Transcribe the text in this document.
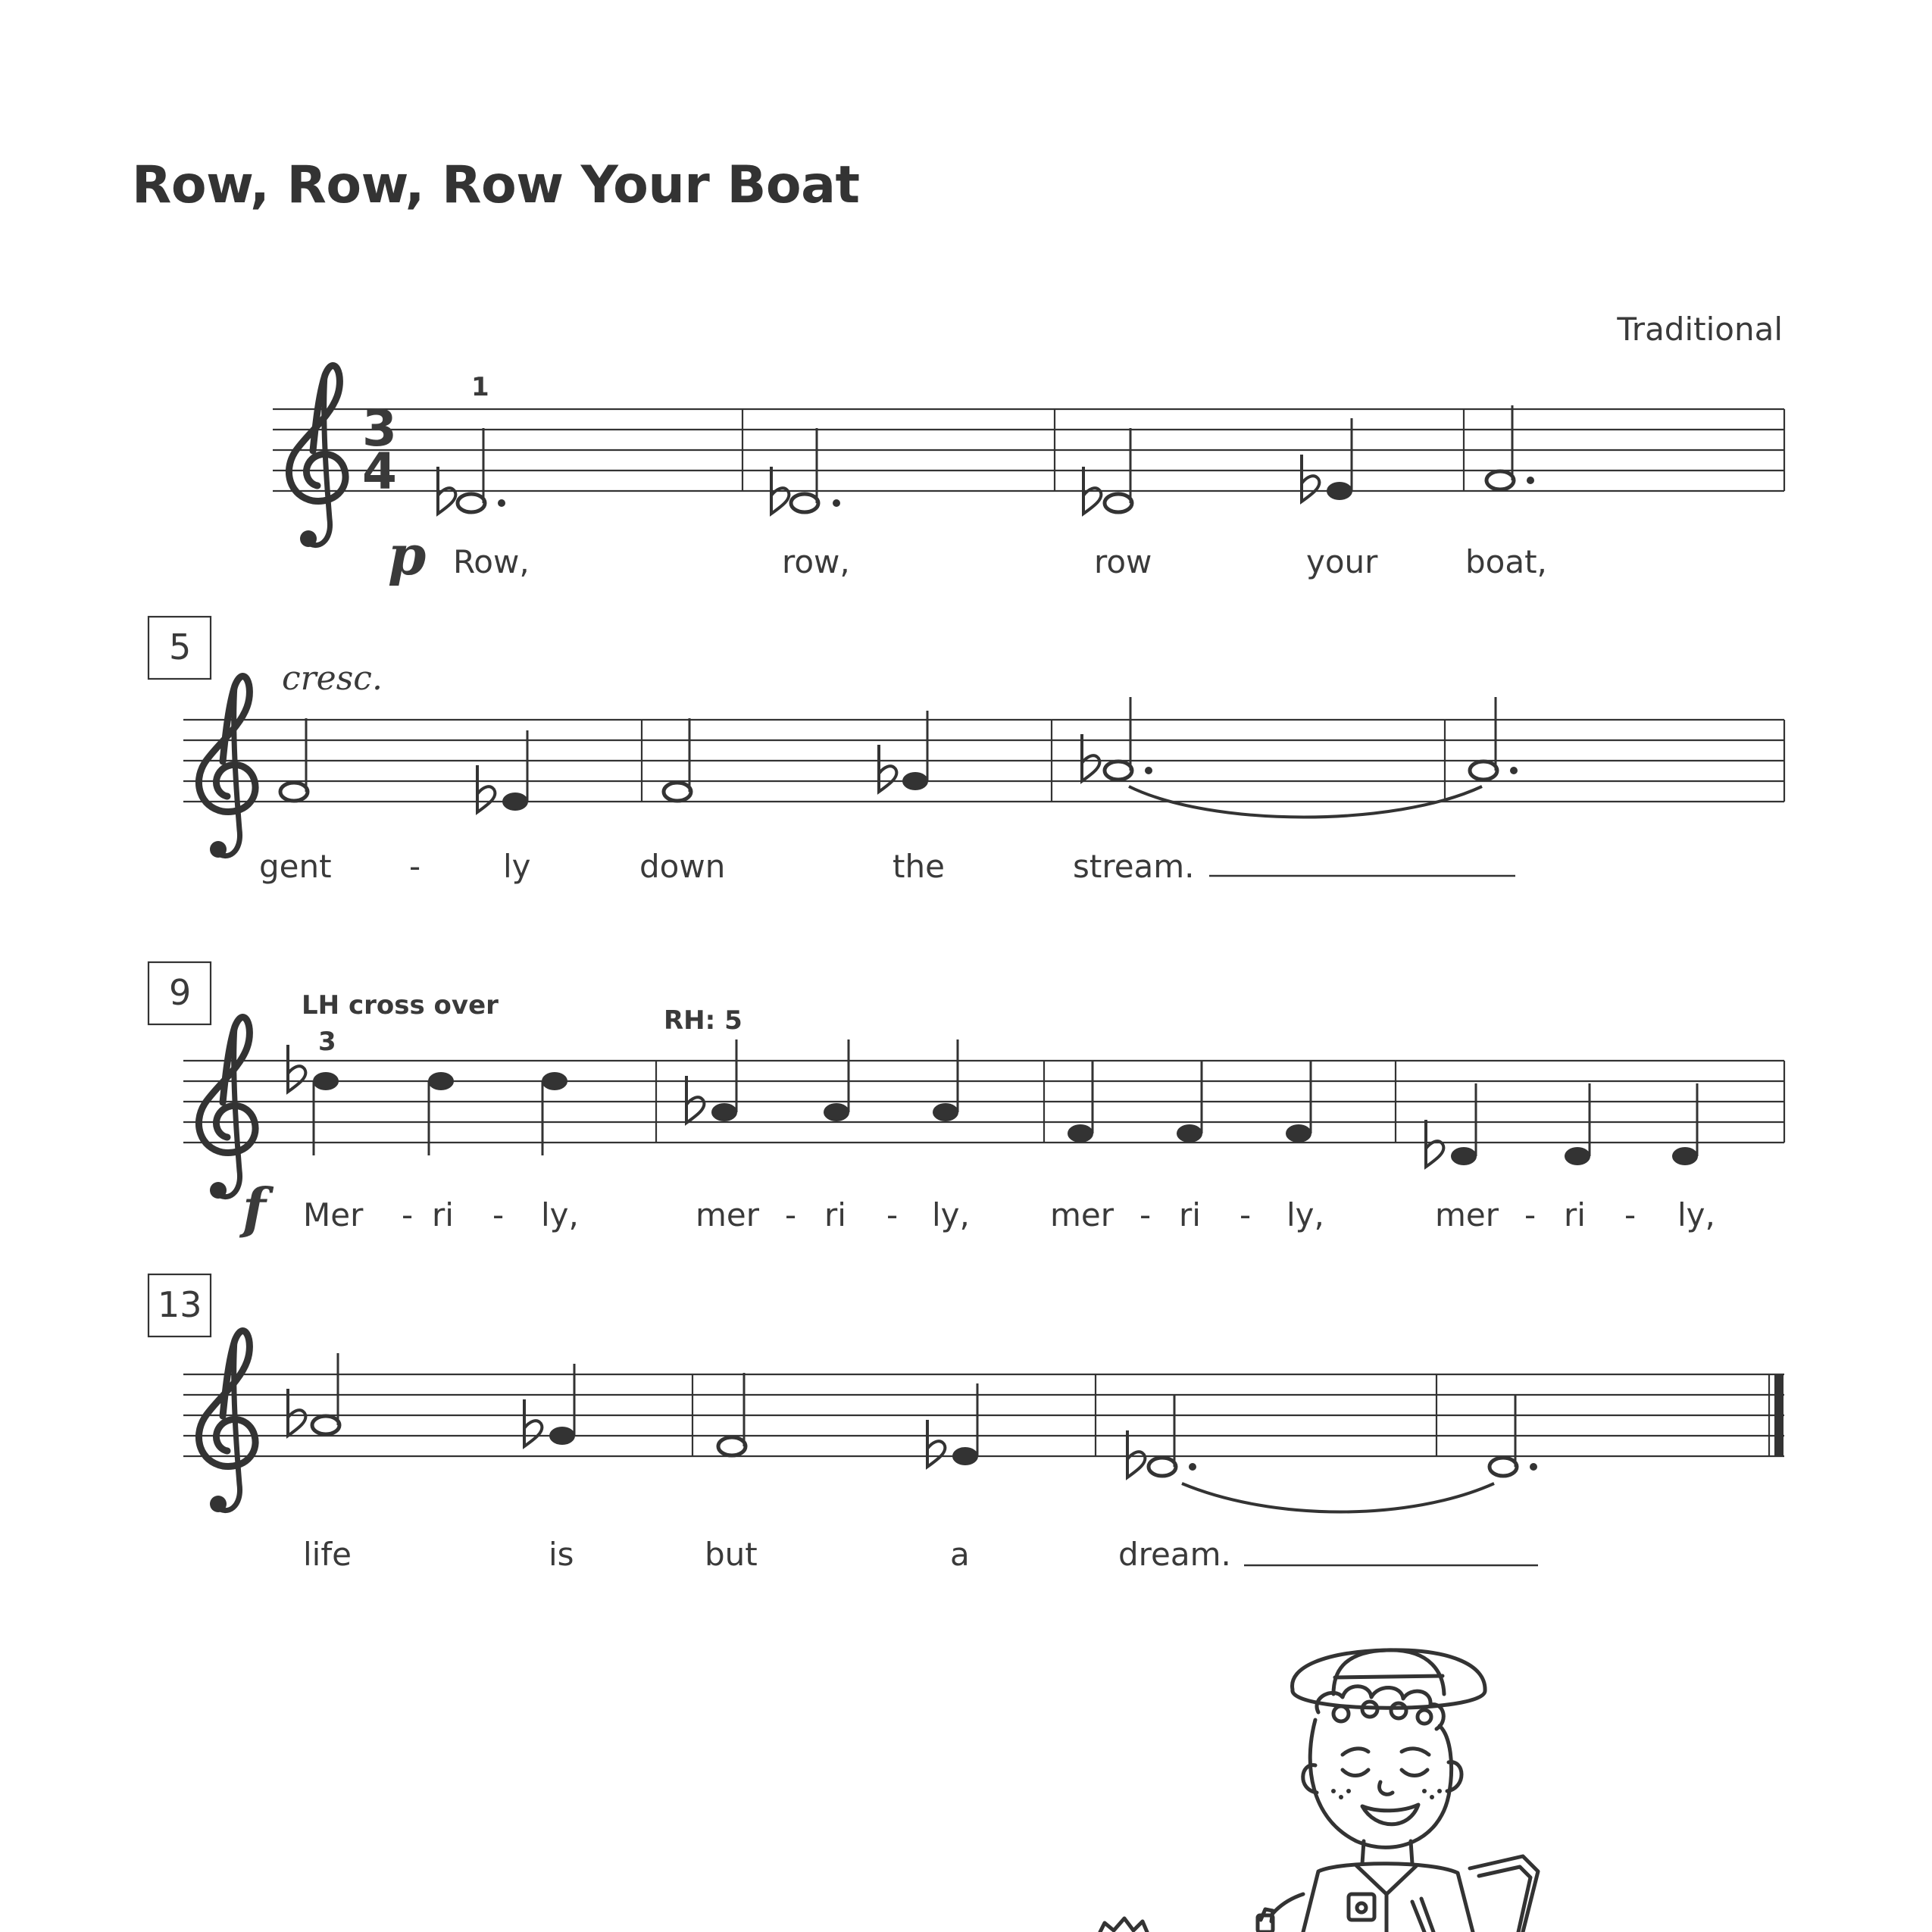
Row, Row, Row Your Boat
Traditional
3
4
1
p Row,	row,	row	your	boat,
5
cresc.
gent -	ly	down	the	stream.
9	LH cross over
3
RH: 5
f Mer - ri - ly,	mer - ri - ly,	mer - ri - ly,	mer - ri - ly,
13
life	is	but	a	dream.
